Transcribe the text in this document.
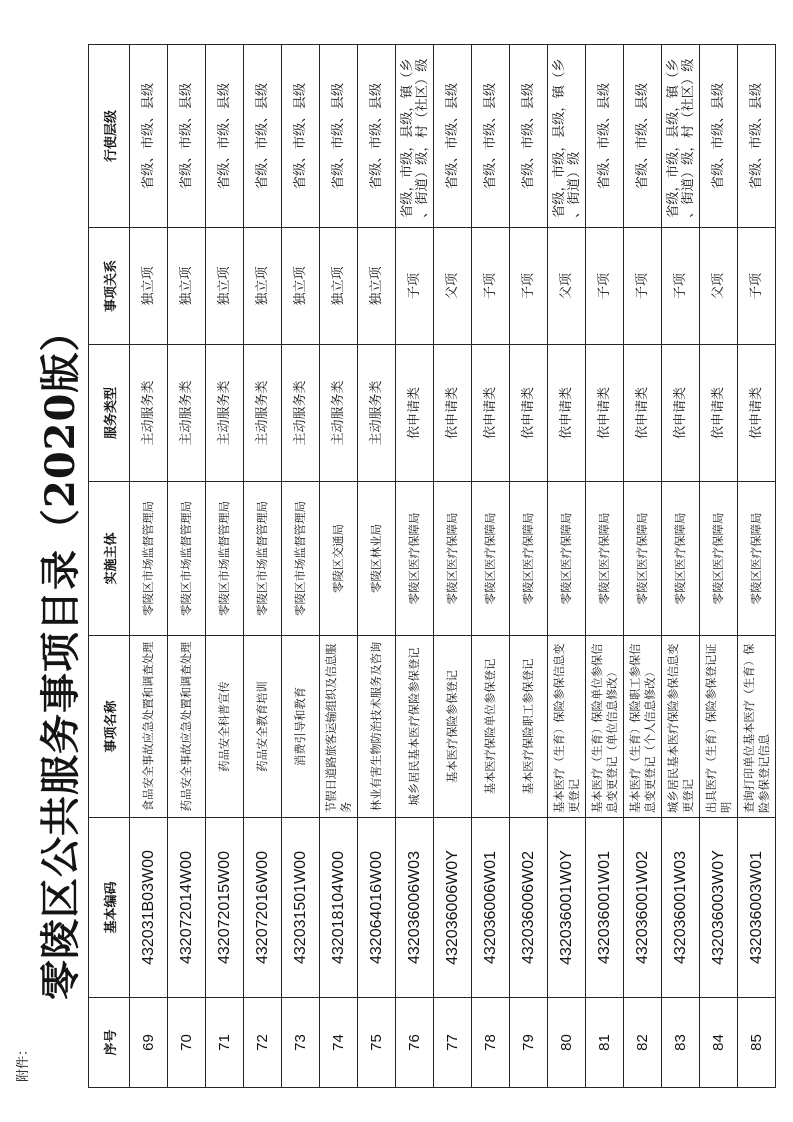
附件：
零陵区公共服务事项目录（2020版）
序号	基本编码	事项名称	实施主体	服务类型	事项关系	行使层级
69	432031B03W00	食品安全事故应急处置和调查处理	零陵区市场监督管理局	主动服务类	独立项	省级、市级、县级
70	432072014W00	药品安全事故应急处置和调查处理	零陵区市场监督管理局	主动服务类	独立项	省级、市级、县级
71	432072015W00	药品安全科普宣传	零陵区市场监督管理局	主动服务类	独立项	省级、市级、县级
72	432072016W00	药品安全教育培训	零陵区市场监督管理局	主动服务类	独立项	省级、市级、县级
73	432031501W00	消费引导和教育	零陵区市场监督管理局	主动服务类	独立项	省级、市级、县级
74	432018104W00	节假日道路旅客运输组织及信息服务	零陵区交通局	主动服务类	独立项	省级、市级、县级
75	432064016W00	林业有害生物防治技术服务及咨询	零陵区林业局	主动服务类	独立项	省级、市级、县级
76	432036006W03	城乡居民基本医疗保险参保登记	零陵区医疗保障局	依申请类	子项	省级，市级，县级，镇（乡、街道）级，村（社区）级
77	432036006W0Y	基本医疗保险参保登记	零陵区医疗保障局	依申请类	父项	省级、市级、县级
78	432036006W01	基本医疗保险单位参保登记	零陵区医疗保障局	依申请类	子项	省级、市级、县级
79	432036006W02	基本医疗保险职工参保登记	零陵区医疗保障局	依申请类	子项	省级、市级、县级
80	432036001W0Y	基本医疗（生育）保险参保信息变更登记	零陵区医疗保障局	依申请类	父项	省级，市级，县级，镇（乡、街道）级
81	432036001W01	基本医疗（生育）保险单位参保信息变更登记（单位信息修改）	零陵区医疗保障局	依申请类	子项	省级、市级、县级
82	432036001W02	基本医疗（生育）保险职工参保信息变更登记（个人信息修改）	零陵区医疗保障局	依申请类	子项	省级、市级、县级
83	432036001W03	城乡居民基本医疗保险参保信息变更登记	零陵区医疗保障局	依申请类	子项	省级，市级，县级，镇（乡、街道）级，村（社区）级
84	432036003W0Y	出具医疗（生育）保险参保登记证明	零陵区医疗保障局	依申请类	父项	省级、市级、县级
85	432036003W01	查询打印单位基本医疗（生育）保险参保登记信息	零陵区医疗保障局	依申请类	子项	省级、市级、县级
